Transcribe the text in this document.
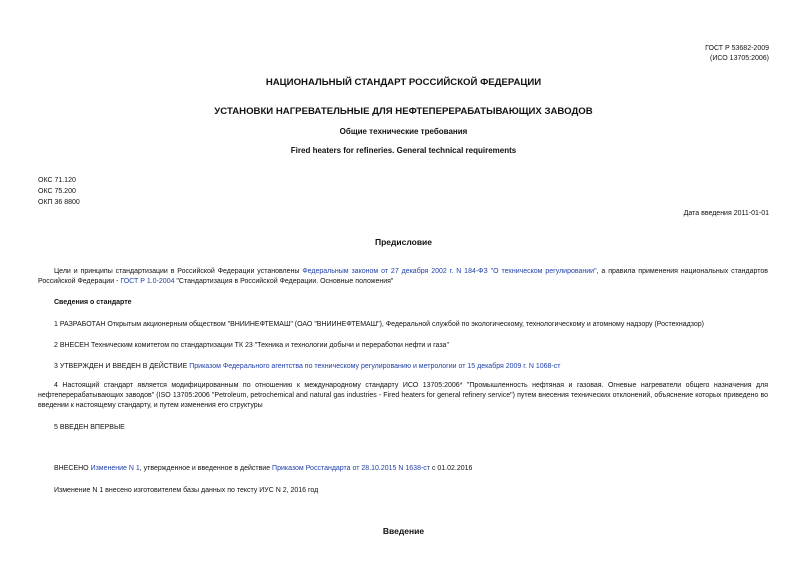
ГОСТ Р 53682-2009
(ИСО 13705:2006)
НАЦИОНАЛЬНЫЙ СТАНДАРТ РОССИЙСКОЙ ФЕДЕРАЦИИ
УСТАНОВКИ НАГРЕВАТЕЛЬНЫЕ ДЛЯ НЕФТЕПЕРЕРАБАТЫВАЮЩИХ ЗАВОДОВ
Общие технические требования
Fired heaters for refineries. General technical requirements
ОКС 71.120
ОКС 75.200
ОКП 36 8800
Дата введения 2011-01-01
Предисловие
Цели и принципы стандартизации в Российской Федерации установлены Федеральным законом от 27 декабря 2002 г. N 184-ФЗ "О техническом регулировании", а правила применения национальных стандартов Российской Федерации - ГОСТ Р 1.0-2004 "Стандартизация в Российской Федерации. Основные положения"
Сведения о стандарте
1 РАЗРАБОТАН Открытым акционерным обществом "ВНИИНЕФТЕМАШ" (ОАО "ВНИИНЕФТЕМАШ"), Федеральной службой по экологическому, технологическому и атомному надзору (Ростехнадзор)
2 ВНЕСЕН Техническим комитетом по стандартизации ТК 23 "Техника и технологии добычи и переработки нефти и газа"
3 УТВЕРЖДЕН И ВВЕДЕН В ДЕЙСТВИЕ Приказом Федерального агентства по техническому регулированию и метрологии от 15 декабря 2009 г. N 1068-ст
4 Настоящий стандарт является модифицированным по отношению к международному стандарту ИСО 13705:2006* "Промышленность нефтяная и газовая. Огневые нагреватели общего назначения для нефтеперерабатывающих заводов" (ISO 13705:2006 "Petroleum, petrochemical and natural gas industries - Fired heaters for general refinery service") путем внесения технических отклонений, объяснение которых приведено во введении к настоящему стандарту, и путем изменения его структуры
5 ВВЕДЕН ВПЕРВЫЕ
ВНЕСЕНО Изменение N 1, утвержденное и введенное в действие Приказом Росстандарта от 28.10.2015 N 1638-ст с 01.02.2016
Изменение N 1 внесено изготовителем базы данных по тексту ИУС N 2, 2016 год
Введение
